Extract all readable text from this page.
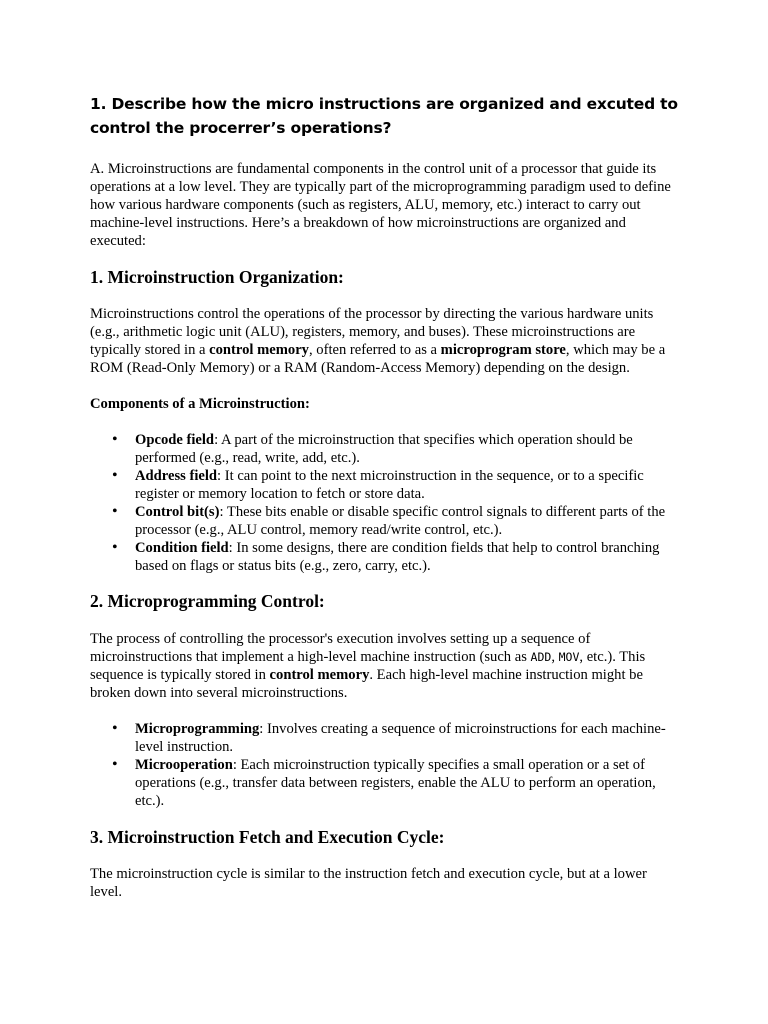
1. Describe how the micro instructions are organized and excuted to control the procerrer’s operations?

A. Microinstructions are fundamental components in the control unit of a processor that guide its operations at a low level. They are typically part of the microprogramming paradigm used to define how various hardware components (such as registers, ALU, memory, etc.) interact to carry out machine-level instructions. Here’s a breakdown of how microinstructions are organized and executed:

1. Microinstruction Organization:

Microinstructions control the operations of the processor by directing the various hardware units (e.g., arithmetic logic unit (ALU), registers, memory, and buses). These microinstructions are typically stored in a control memory, often referred to as a microprogram store, which may be a ROM (Read-Only Memory) or a RAM (Random-Access Memory) depending on the design.

Components of a Microinstruction:

• Opcode field: A part of the microinstruction that specifies which operation should be performed (e.g., read, write, add, etc.).
• Address field: It can point to the next microinstruction in the sequence, or to a specific register or memory location to fetch or store data.
• Control bit(s): These bits enable or disable specific control signals to different parts of the processor (e.g., ALU control, memory read/write control, etc.).
• Condition field: In some designs, there are condition fields that help to control branching based on flags or status bits (e.g., zero, carry, etc.).
2. Microprogramming Control:

The process of controlling the processor's execution involves setting up a sequence of microinstructions that implement a high-level machine instruction (such as ADD, MOV, etc.). This sequence is typically stored in control memory. Each high-level machine instruction might be broken down into several microinstructions.

• Microprogramming: Involves creating a sequence of microinstructions for each machine-level instruction.
• Microoperation: Each microinstruction typically specifies a small operation or a set of operations (e.g., transfer data between registers, enable the ALU to perform an operation, etc.).
3. Microinstruction Fetch and Execution Cycle:

The microinstruction cycle is similar to the instruction fetch and execution cycle, but at a lower level.
